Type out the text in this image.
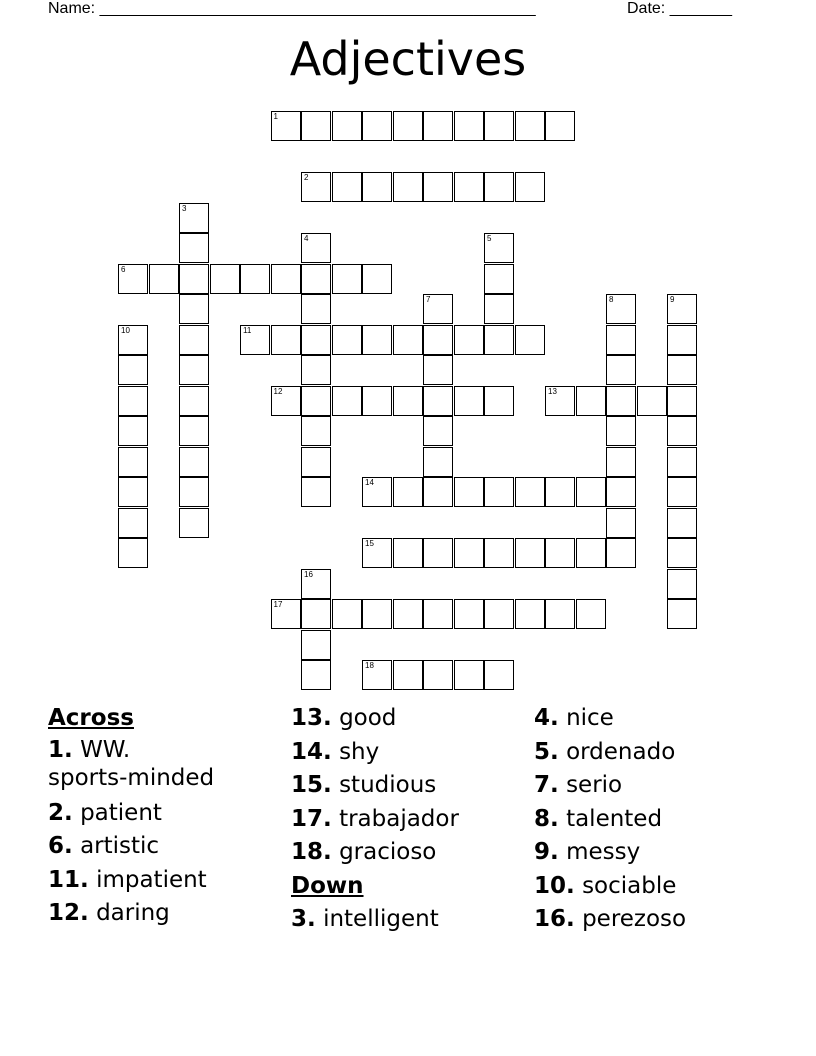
Name: _________________________________________________	Date: _______
Adjectives
1
2
3
4	5
6
7	8	9
10	11
12	13
14
15
16
17
18
Across
1. WW.
sports-minded
2. patient
6. artistic
11. impatient
12. daring
13. good
14. shy
15. studious
17. trabajador
18. gracioso
Down
3. intelligent
4. nice
5. ordenado
7. serio
8. talented
9. messy
10. sociable
16. perezoso
